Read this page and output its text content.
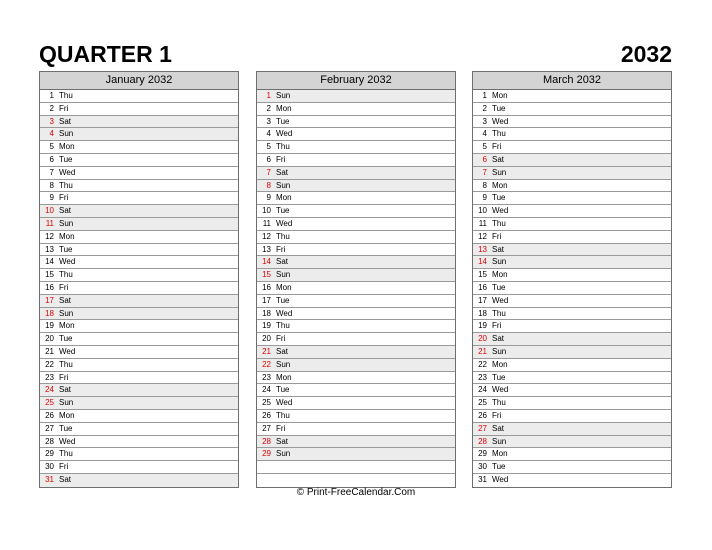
QUARTER 1	2032
January 2032
1 Thu
2 Fri
3 Sat
4 Sun
5 Mon
6 Tue
7 Wed
8 Thu
9 Fri
10 Sat
11 Sun
12 Mon
13 Tue
14 Wed
15 Thu
16 Fri
17 Sat
18 Sun
19 Mon
20 Tue
21 Wed
22 Thu
23 Fri
24 Sat
25 Sun
26 Mon
27 Tue
28 Wed
29 Thu
30 Fri
31 Sat
February 2032
1 Sun
2 Mon
3 Tue
4 Wed
5 Thu
6 Fri
7 Sat
8 Sun
9 Mon
10 Tue
11 Wed
12 Thu
13 Fri
14 Sat
15 Sun
16 Mon
17 Tue
18 Wed
19 Thu
20 Fri
21 Sat
22 Sun
23 Mon
24 Tue
25 Wed
26 Thu
27 Fri
28 Sat
29 Sun
March 2032
1 Mon
2 Tue
3 Wed
4 Thu
5 Fri
6 Sat
7 Sun
8 Mon
9 Tue
10 Wed
11 Thu
12 Fri
13 Sat
14 Sun
15 Mon
16 Tue
17 Wed
18 Thu
19 Fri
20 Sat
21 Sun
22 Mon
23 Tue
24 Wed
25 Thu
26 Fri
27 Sat
28 Sun
29 Mon
30 Tue
31 Wed
© Print-FreeCalendar.Com
